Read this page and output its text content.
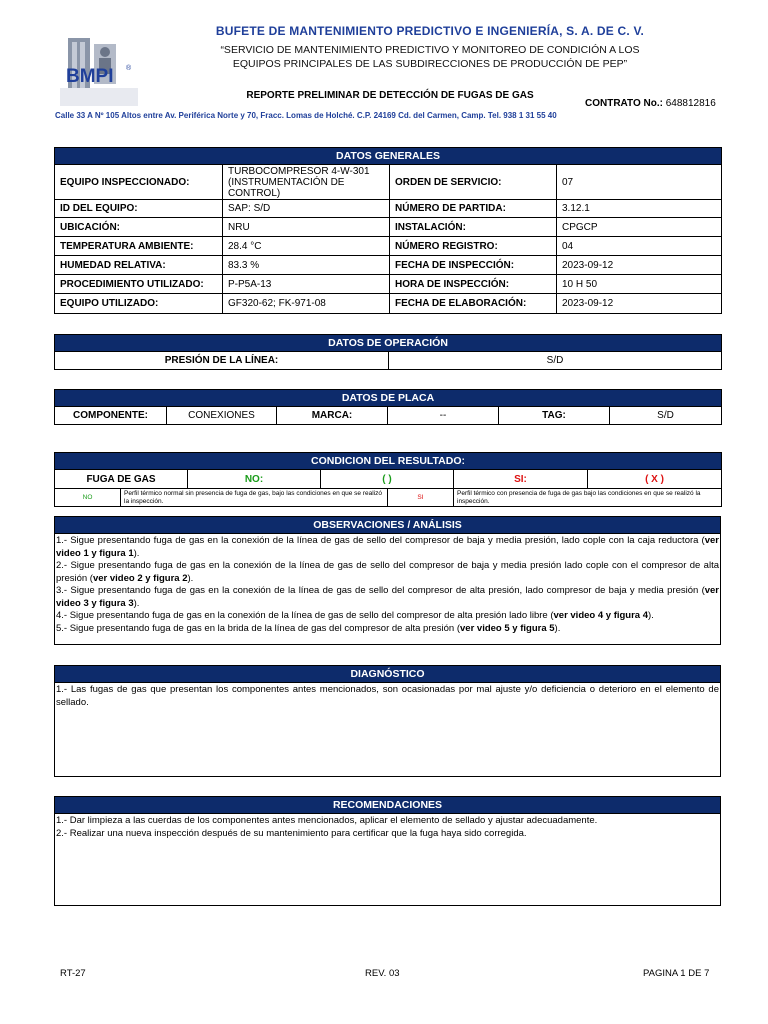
BMPI ®
BUFETE DE MANTENIMIENTO PREDICTIVO E INGENIERÍA, S. A. DE C. V.
“SERVICIO DE MANTENIMIENTO PREDICTIVO Y MONITOREO DE CONDICIÓN A LOS
EQUIPOS PRINCIPALES DE LAS SUBDIRECCIONES DE PRODUCCIÓN DE PEP”
REPORTE PRELIMINAR DE DETECCIÓN DE FUGAS DE GAS
CONTRATO No.: 648812816
Calle 33 A Nº 105 Altos entre Av. Periférica Norte y 70, Fracc. Lomas de Holché. C.P. 24169 Cd. del Carmen, Camp. Tel. 938 1 31 55 40
DATOS GENERALES			
EQUIPO INSPECCIONADO:	TURBOCOMPRESOR 4-W-301 (INSTRUMENTACIÓN DE CONTROL)	ORDEN DE SERVICIO:	07
ID DEL EQUIPO:	SAP: S/D	NÚMERO DE PARTIDA:	3.12.1
UBICACIÓN:	NRU	INSTALACIÓN:	CPGCP
TEMPERATURA AMBIENTE:	28.4 °C	NÚMERO REGISTRO:	04
HUMEDAD RELATIVA:	83.3 %	FECHA DE INSPECCIÓN:	2023-09-12
PROCEDIMIENTO UTILIZADO:	P-P5A-13	HORA DE INSPECCIÓN:	10 H 50
EQUIPO UTILIZADO:	GF320-62; FK-971-08	FECHA DE ELABORACIÓN:	2023-09-12
DATOS DE OPERACIÓN
PRESIÓN DE LA LÍNEA:	S/D
DATOS DE PLACA
COMPONENTE:	CONEXIONES	MARCA:	--	TAG:	S/D
CONDICION DEL RESULTADO:					
FUGA DE GAS		NO:	( )		SI: ( X )

NO	Perfil térmico normal sin presencia de fuga de gas, bajo las condiciones en que se realizó la inspección.			SI	Perfil térmico con presencia de fuga de gas bajo las condiciones en que se realizó la inspección.
OBSERVACIONES / ANÁLISIS

1.- Sigue presentando fuga de gas en la conexión de la línea de gas de sello del compresor de baja y media presión, lado cople con la caja reductora (ver video 1 y figura 1).
2.- Sigue presentando fuga de gas en la conexión de la línea de gas de sello del compresor de baja y media presión lado cople con el compresor de alta presión (ver video 2 y figura 2).
3.- Sigue presentando fuga de gas en la conexión de la línea de gas de sello del compresor de alta presión, lado compresor de baja y media presión (ver video 3 y figura 3).
4.- Sigue presentando fuga de gas en la conexión de la línea de gas de sello del compresor de alta presión lado libre (ver video 4 y figura 4).
5.- Sigue presentando fuga de gas en la brida de la línea de gas del compresor de alta presión (ver video 5 y figura 5).
DIAGNÓSTICO
1.- Las fugas de gas que presentan los componentes antes mencionados, son ocasionadas por mal ajuste y/o deficiencia o deterioro en el elemento de sellado.
RECOMENDACIONES

1.- Dar limpieza a las cuerdas de los componentes antes mencionados, aplicar el elemento de sellado y ajustar adecuadamente.
2.- Realizar una nueva inspección después de su mantenimiento para certificar que la fuga haya sido corregida.
RT-27	REV. 03	PAGINA 1 DE 7
